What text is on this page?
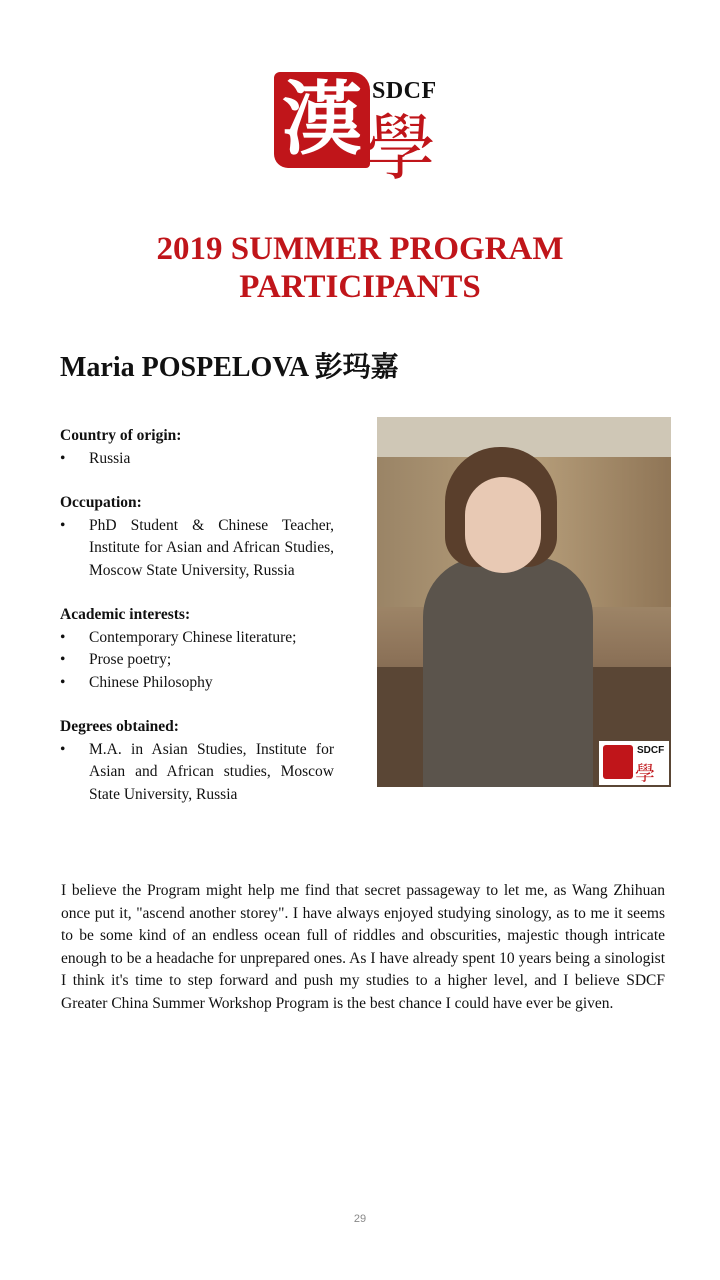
漢 SDCF
學
2019 SUMMER PROGRAM
PARTICIPANTS
Maria POSPELOVA 彭玛嘉

Country of origin:

• Russia

Occupation:

• PhD Student & Chinese Teacher, Institute for Asian and African Studies, Moscow State University, Russia

Academic interests:

• Contemporary Chinese literature;
• Prose poetry;
• Chinese Philosophy

Degrees obtained:

• M.A. in Asian Studies, Institute for Asian and African studies, Moscow State University, Russia
SDCF
學
I believe the Program might help me find that secret passageway to let me, as Wang Zhihuan once put it, "ascend another storey". I have always enjoyed studying sinology, as to me it seems to be some kind of an endless ocean full of riddles and obscurities, majestic though intricate enough to be a headache for unprepared ones. As I have already spent 10 years being a sinologist I think it's time to step forward and push my studies to a higher level, and I believe SDCF Greater China Summer Workshop Program is the best chance I could have ever be given.
29
